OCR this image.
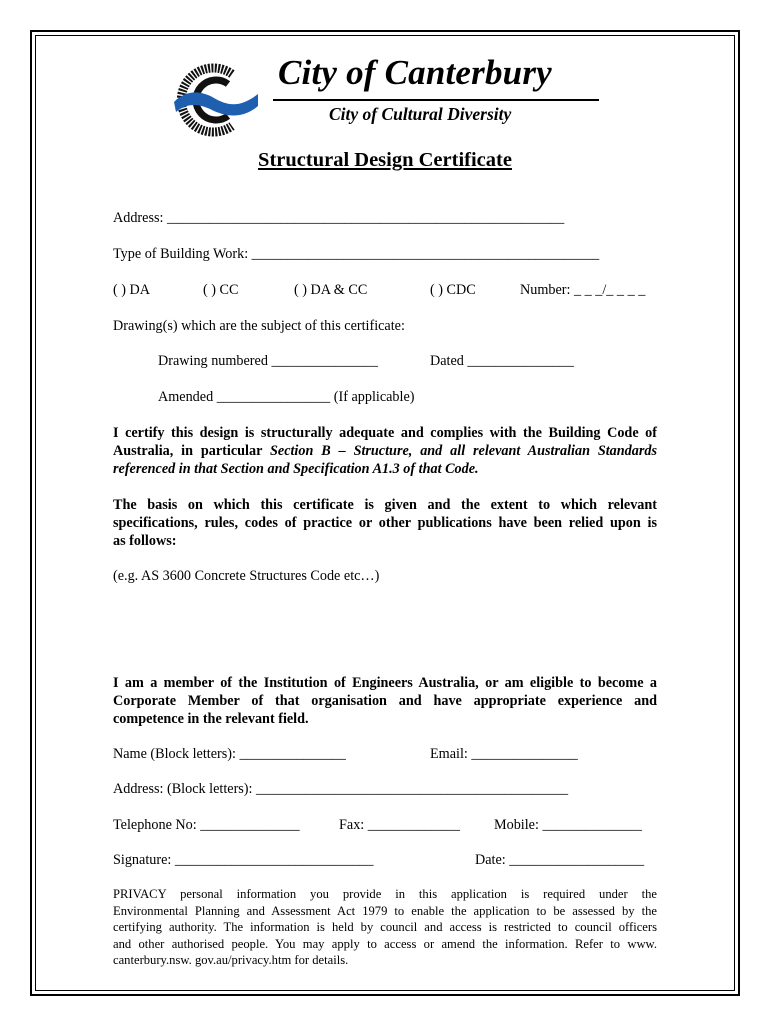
City of Canterbury
City of Cultural Diversity
Structural Design Certificate
Address: ________________________________________________________
Type of Building Work: _________________________________________________
( ) DA	( ) CC	( ) DA & CC	( ) CDC	Number: _ _ _/_ _ _ _
Drawing(s) which are the subject of this certificate:
Drawing numbered _______________	Dated _______________
Amended ________________ (If applicable)
I certify this design is structurally adequate and complies with the Building Code of
Australia, in particular Section B – Structure, and all relevant Australian Standards
referenced in that Section and Specification A1.3 of that Code.
The basis on which this certificate is given and the extent to which relevant
specifications, rules, codes of practice or other publications have been relied upon is
as follows:
(e.g. AS 3600 Concrete Structures Code etc…)
I am a member of the Institution of Engineers Australia, or am eligible to become a
Corporate Member of that organisation and have appropriate experience and
competence in the relevant field.
Name (Block letters): _______________	Email: _______________
Address: (Block letters): ____________________________________________
Telephone No: ______________	Fax: _____________ Mobile: ______________
Signature: ____________________________	Date: ___________________
PRIVACY personal information you provide in this application is required under the
Environmental Planning and Assessment Act 1979 to enable the application to be assessed by the
certifying authority. The information is held by council and access is restricted to council officers
and other authorised people. You may apply to access or amend the information. Refer to www.
canterbury.nsw. gov.au/privacy.htm for details.
